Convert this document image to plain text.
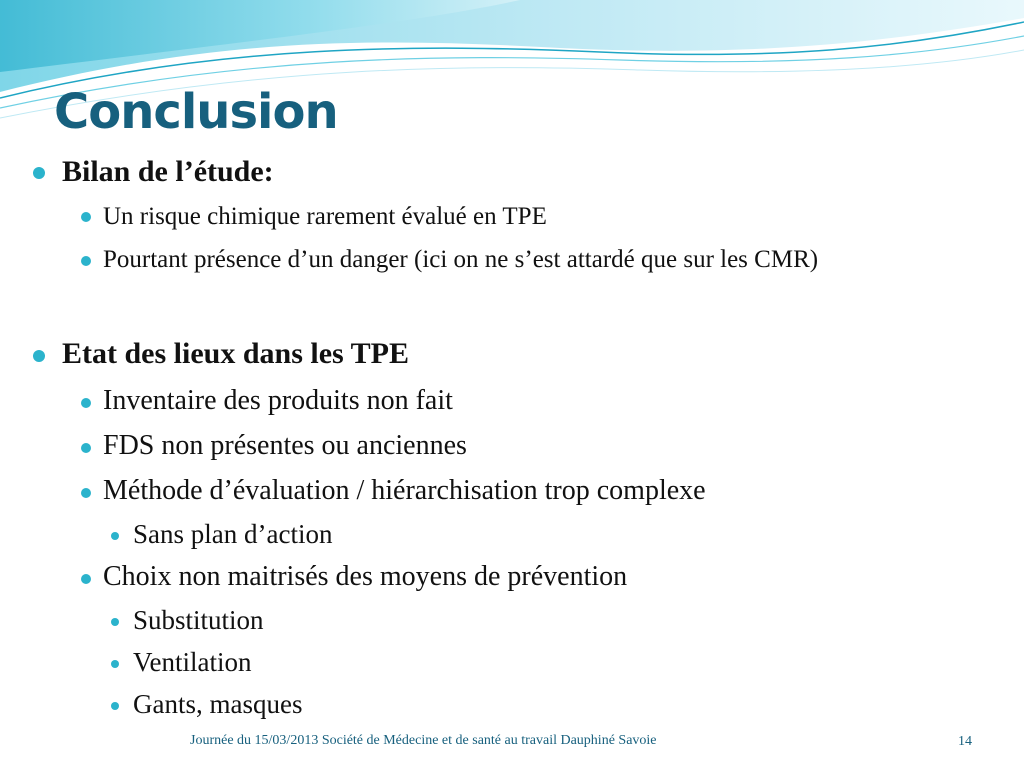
Conclusion
Bilan de l’étude:
Un risque chimique rarement évalué en TPE
Pourtant présence d’un danger (ici on ne s’est attardé que sur les CMR)
Etat des lieux dans les TPE
Inventaire des produits non fait
FDS non présentes ou anciennes
Méthode d’évaluation / hiérarchisation trop complexe
Sans plan d’action
Choix non maitrisés des moyens de prévention
Substitution
Ventilation
Gants, masques
Journée du 15/03/2013 Société de Médecine et de santé au travail Dauphiné Savoie	14
